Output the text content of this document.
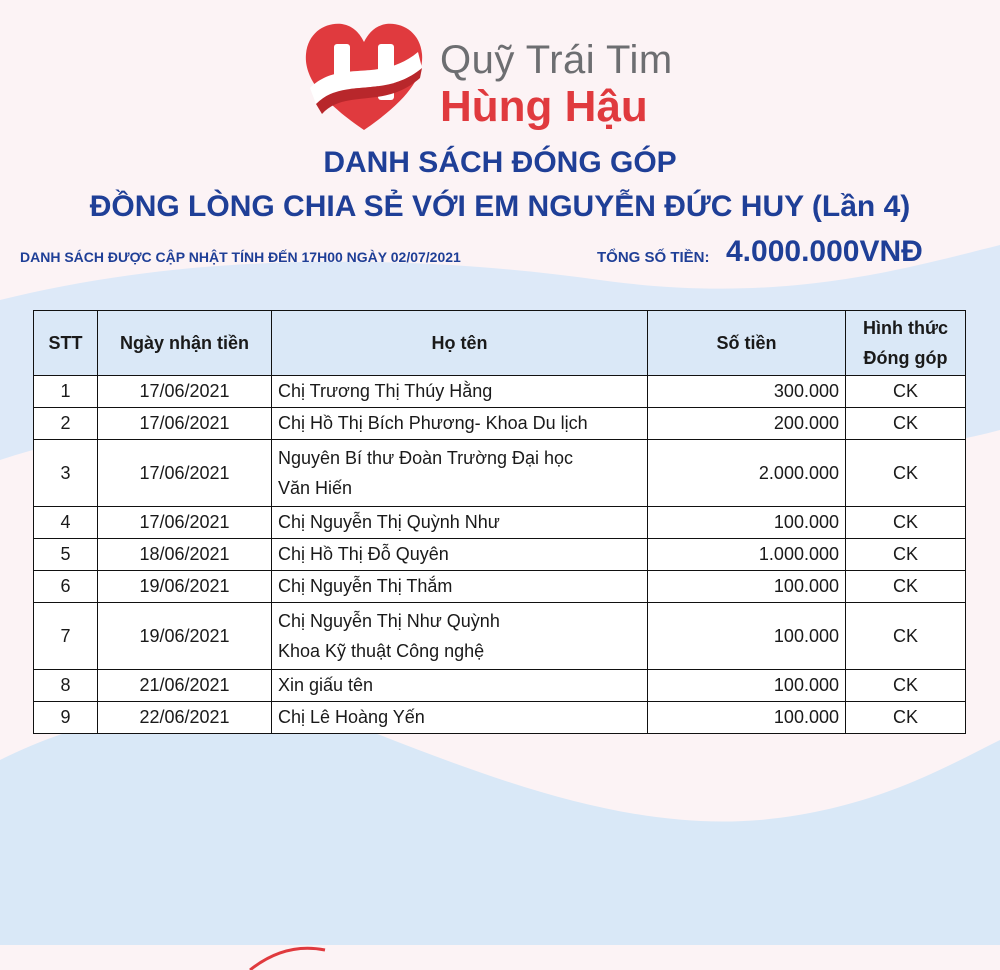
Quỹ Trái Tim
Hùng Hậu
DANH SÁCH ĐÓNG GÓP
ĐỒNG LÒNG CHIA SẺ VỚI EM NGUYỄN ĐỨC HUY (Lần 4)
DANH SÁCH ĐƯỢC CẬP NHẬT TÍNH ĐẾN 17H00 NGÀY 02/07/2021	TỔNG SỐ TIỀN: 4.000.000VNĐ
STT	Ngày nhận tiền	Họ tên	Số tiền	Hình thức
Đóng góp

1	17/06/2021	Chị Trương Thị Thúy Hằng	300.000	CK
2	17/06/2021	Chị Hồ Thị Bích Phương- Khoa Du lịch	200.000	CK
3	17/06/2021	Nguyên Bí thư Đoàn Trường Đại học
Văn Hiến	2.000.000	CK
4	17/06/2021	Chị Nguyễn Thị Quỳnh Như	100.000	CK
5	18/06/2021	Chị Hồ Thị Đỗ Quyên	1.000.000	CK
6	19/06/2021	Chị Nguyễn Thị Thắm	100.000	CK
7	19/06/2021	Chị Nguyễn Thị Như Quỳnh
Khoa Kỹ thuật Công nghệ	100.000	CK
8	21/06/2021	Xin giấu tên	100.000	CK
9	22/06/2021	Chị Lê Hoàng Yến	100.000	CK
